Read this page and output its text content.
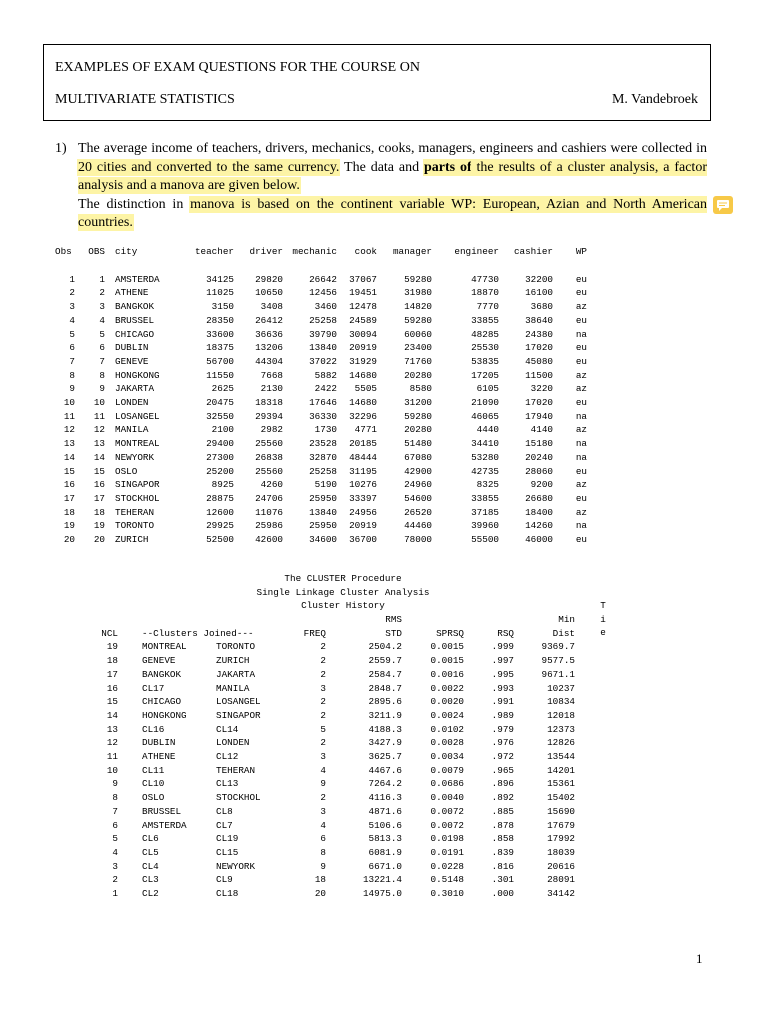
EXAMPLES OF EXAM QUESTIONS FOR THE COURSE ON
MULTIVARIATE STATISTICS	M. Vandebroek
1) The average income of teachers, drivers, mechanics, cooks, managers, engineers and cashiers were collected in 20 cities and converted to the same currency. The data and parts of the results of a cluster analysis, a factor analysis and a manova are given below.

The distinction in manova is based on the continent variable WP: European, Azian and North American countries.

Obs	OBS	city	teacher	driver	mechanic	cook	manager	engineer	cashier	WP

1	1	AMSTERDA	34125	29820	26642	37067	59280	47730	32200	eu
2	2	ATHENE	11025	10650	12456	19451	31980	18870	16100	eu
3	3	BANGKOK	3150	3408	3460	12478	14820	7770	3680	az
4	4	BRUSSEL	28350	26412	25258	24589	59280	33855	38640	eu
5	5	CHICAGO	33600	36636	39790	30094	60060	48285	24380	na
6	6	DUBLIN	18375	13206	13840	20919	23400	25530	17020	eu
7	7	GENEVE	56700	44304	37022	31929	71760	53835	45080	eu
8	8	HONGKONG	11550	7668	5882	14680	20280	17205	11500	az
9	9	JAKARTA	2625	2130	2422	5505	8580	6105	3220	az
10	10	LONDEN	20475	18318	17646	14680	31200	21090	17020	eu
11	11	LOSANGEL	32550	29394	36330	32296	59280	46065	17940	na
12	12	MANILA	2100	2982	1730	4771	20280	4440	4140	az
13	13	MONTREAL	29400	25560	23528	20185	51480	34410	15180	na
14	14	NEWYORK	27300	26838	32870	48444	67080	53280	20240	na
15	15	OSLO	25200	25560	25258	31195	42900	42735	28060	eu
16	16	SINGAPOR	8925	4260	5190	10276	24960	8325	9200	az
17	17	STOCKHOL	28875	24706	25950	33397	54600	33855	26680	eu
18	18	TEHERAN	12600	11076	13840	24956	26520	37185	18400	az
19	19	TORONTO	29925	25986	25950	20919	44460	39960	14260	na
20	20	ZURICH	52500	42600	34600	36700	78000	55500	46000	eu
The CLUSTER Procedure
Single Linkage Cluster Analysis
Cluster History	T
i
e
				RMS			Min
NCL	--Clusters Joined---		FREQ	STD	SPRSQ	RSQ	Dist
19	MONTREAL	TORONTO	2	2504.2	0.0015	.999	9369.7
18	GENEVE	ZURICH	2	2559.7	0.0015	.997	9577.5
17	BANGKOK	JAKARTA	2	2584.7	0.0016	.995	9671.1
16	CL17	MANILA	3	2848.7	0.0022	.993	10237
15	CHICAGO	LOSANGEL	2	2895.6	0.0020	.991	10834
14	HONGKONG	SINGAPOR	2	3211.9	0.0024	.989	12018
13	CL16	CL14	5	4188.3	0.0102	.979	12373
12	DUBLIN	LONDEN	2	3427.9	0.0028	.976	12826
11	ATHENE	CL12	3	3625.7	0.0034	.972	13544
10	CL11	TEHERAN	4	4467.6	0.0079	.965	14201
9	CL10	CL13	9	7264.2	0.0686	.896	15361
8	OSLO	STOCKHOL	2	4116.3	0.0040	.892	15402
7	BRUSSEL	CL8	3	4871.6	0.0072	.885	15690
6	AMSTERDA	CL7	4	5106.6	0.0072	.878	17679
5	CL6	CL19	6	5813.3	0.0198	.858	17992
4	CL5	CL15	8	6081.9	0.0191	.839	18039
3	CL4	NEWYORK	9	6671.0	0.0228	.816	20616
2	CL3	CL9	18	13221.4	0.5148	.301	28091
1	CL2	CL18	20	14975.0	0.3010	.000	34142
1
